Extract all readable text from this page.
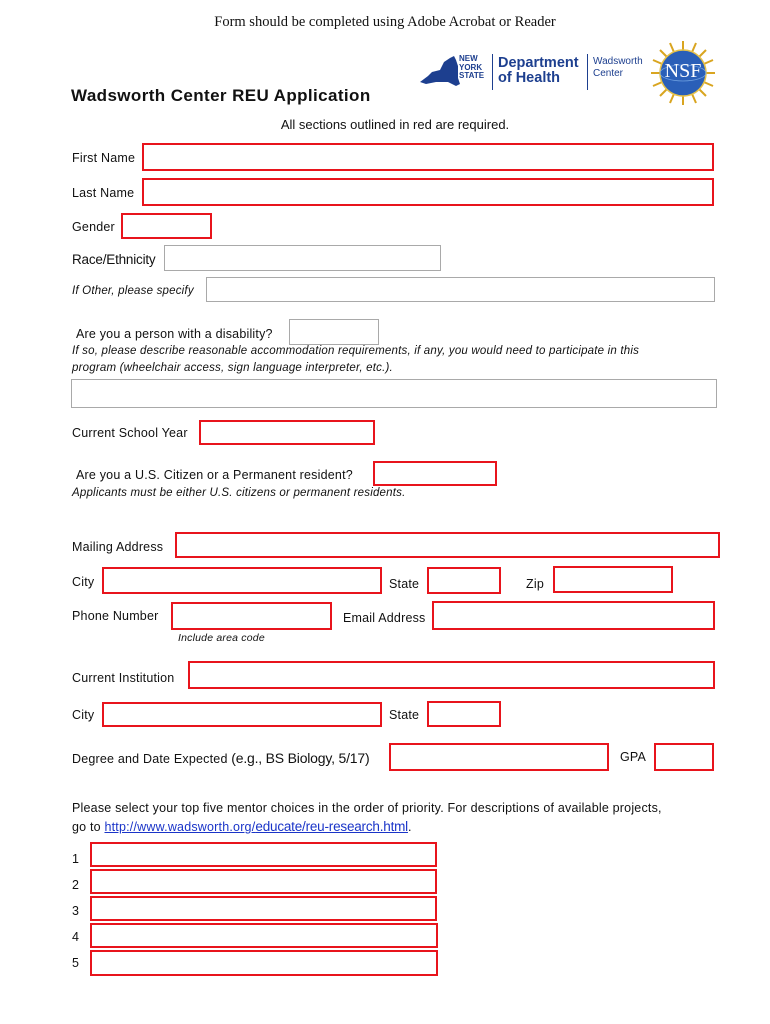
Form should be completed using Adobe Acrobat or Reader
NEW
YORK
STATE
Department
of Health
Wadsworth
Center	NSF
Wadsworth Center REU Application
All sections outlined in red are required.
First Name
Last Name
Gender
Race/Ethnicity
If Other, please specify
Are you a person with a disability?
If so, please describe reasonable accommodation requirements, if any, you would need to participate in this
program (wheelchair access, sign language interpreter, etc.).
Current School Year
Are you a U.S. Citizen or a Permanent resident?
Applicants must be either U.S. citizens or permanent residents.
Mailing Address
City	State	Zip
Phone Number
Include area code
Email Address
Current Institution
City	State
Degree and Date Expected (e.g., BS Biology, 5/17)	GPA
Please select your top five mentor choices in the order of priority. For descriptions of available projects,
go to http://www.wadsworth.org/educate/reu-research.html.
1
2
3
4
5
